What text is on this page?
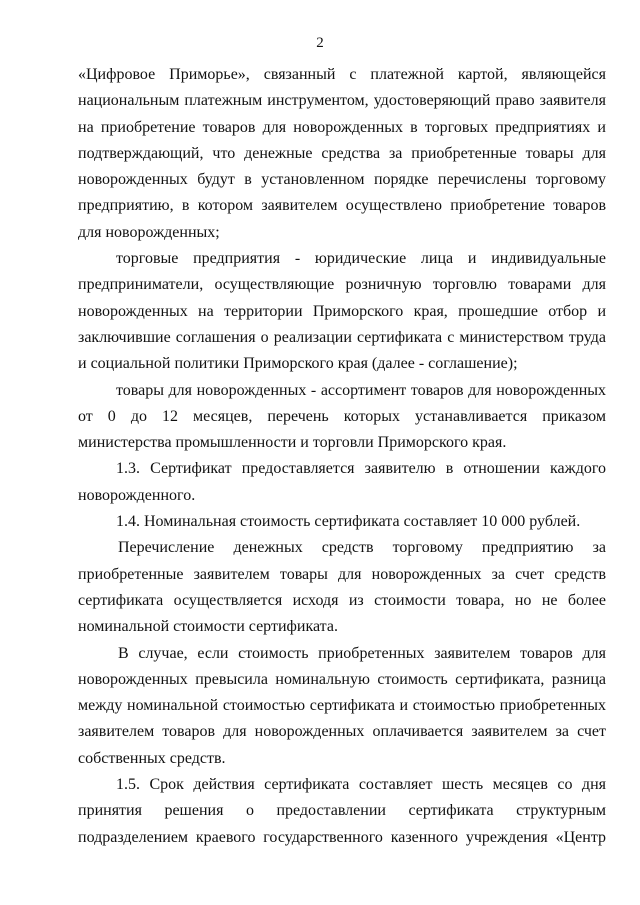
2

«Цифровое Приморье», связанный с платежной картой, являющейся национальным платежным инструментом, удостоверяющий право заявителя на приобретение товаров для новорожденных в торговых предприятиях и подтверждающий, что денежные средства за приобретенные товары для новорожденных будут в установленном порядке перечислены торговому предприятию, в котором заявителем осуществлено приобретение товаров для новорожденных;

торговые предприятия - юридические лица и индивидуальные предприниматели, осуществляющие розничную торговлю товарами для новорожденных на территории Приморского края, прошедшие отбор и заключившие соглашения о реализации сертификата с министерством труда и социальной политики Приморского края (далее - соглашение);

товары для новорожденных - ассортимент товаров для новорожденных от 0 до 12 месяцев, перечень которых устанавливается приказом министерства промышленности и торговли Приморского края.

1.3. Сертификат предоставляется заявителю в отношении каждого новорожденного.

1.4. Номинальная стоимость сертификата составляет 10 000 рублей.

Перечисление денежных средств торговому предприятию за приобретенные заявителем товары для новорожденных за счет средств сертификата осуществляется исходя из стоимости товара, но не более номинальной стоимости сертификата.

В случае, если стоимость приобретенных заявителем товаров для новорожденных превысила номинальную стоимость сертификата, разница между номинальной стоимостью сертификата и стоимостью приобретенных заявителем товаров для новорожденных оплачивается заявителем за счет собственных средств.

1.5. Срок действия сертификата составляет шесть месяцев со дня принятия решения о предоставлении сертификата структурным подразделением краевого государственного казенного учреждения «Центр
